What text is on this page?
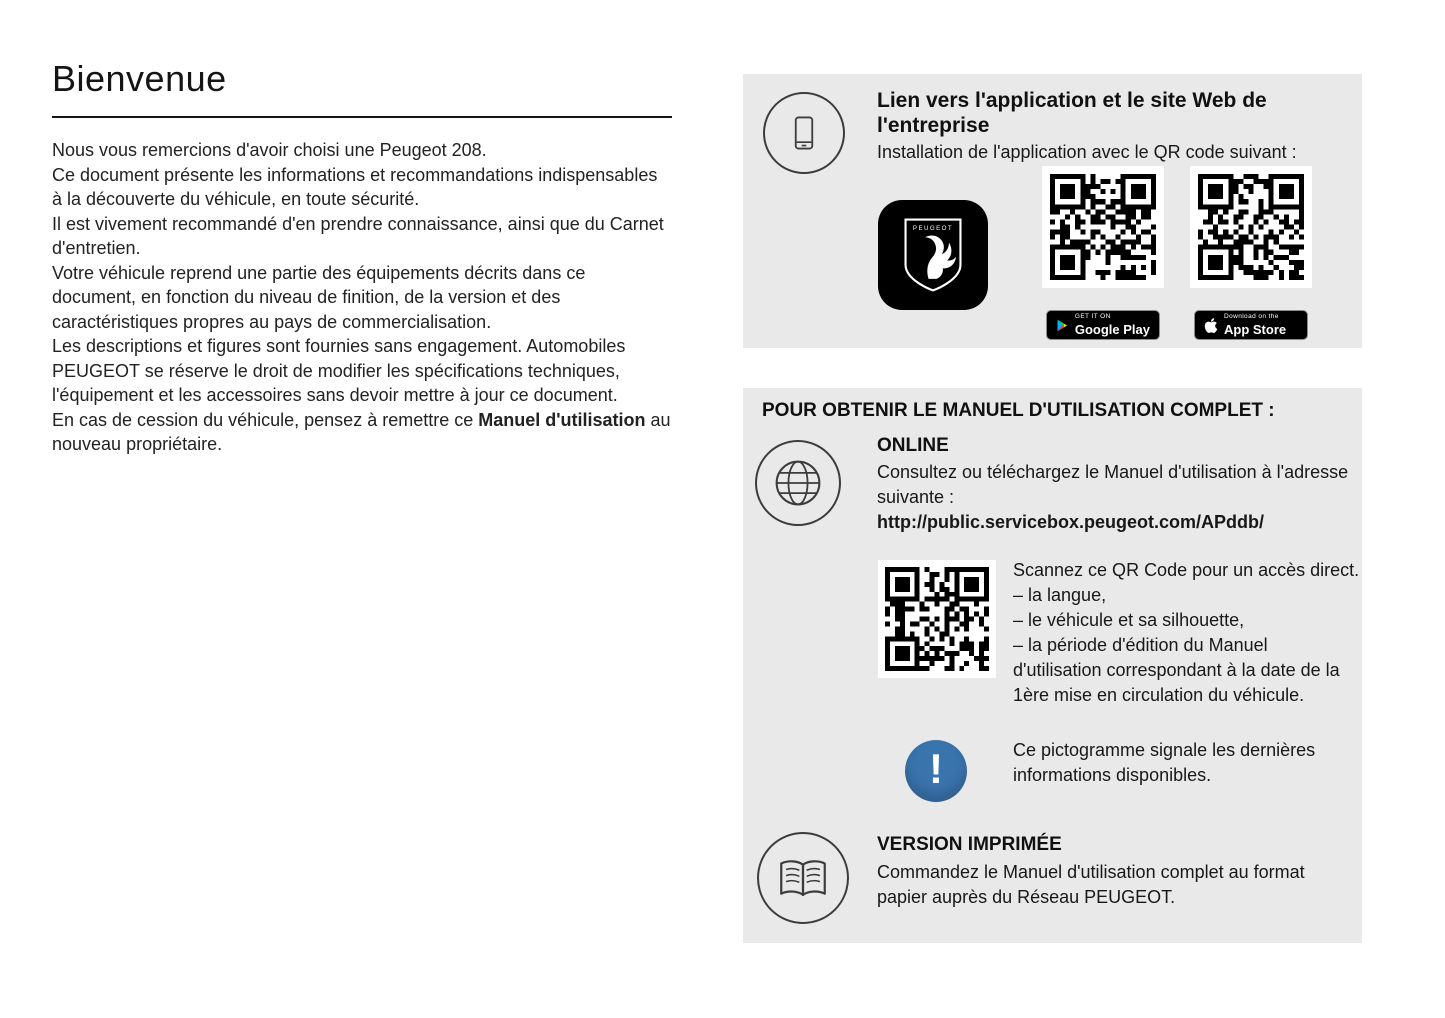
Bienvenue

Nous vous remercions d'avoir choisi une Peugeot 208.

Ce document présente les informations et recommandations indispensables à la découverte du véhicule, en toute sécurité.

Il est vivement recommandé d'en prendre connaissance, ainsi que du Carnet d'entretien.

Votre véhicule reprend une partie des équipements décrits dans ce document, en fonction du niveau de finition, de la version et des caractéristiques propres au pays de commercialisation.

Les descriptions et figures sont fournies sans engagement. Automobiles PEUGEOT se réserve le droit de modifier les spécifications techniques, l'équipement et les accessoires sans devoir mettre à jour ce document.

En cas de cession du véhicule, pensez à remettre ce Manuel d'utilisation au nouveau propriétaire.

Lien vers l'application et le site Web de l'entreprise
Installation de l'application avec le QR code suivant :
PEUGEOT
GET IT ON
Google Play
Download on the
App Store
POUR OBTENIR LE MANUEL D'UTILISATION COMPLET :
ONLINE
Consultez ou téléchargez le Manuel d'utilisation à l'adresse suivante :
http://public.servicebox.peugeot.com/APddb/

Scannez ce QR Code pour un accès direct.

– la langue,

– le véhicule et sa silhouette,

– la période d'édition du Manuel d'utilisation correspondant à la date de la 1ère mise en circulation du véhicule.

!	Ce pictogramme signale les dernières informations disponibles.
VERSION IMPRIMÉE
Commandez le Manuel d'utilisation complet au format papier auprès du Réseau PEUGEOT.
